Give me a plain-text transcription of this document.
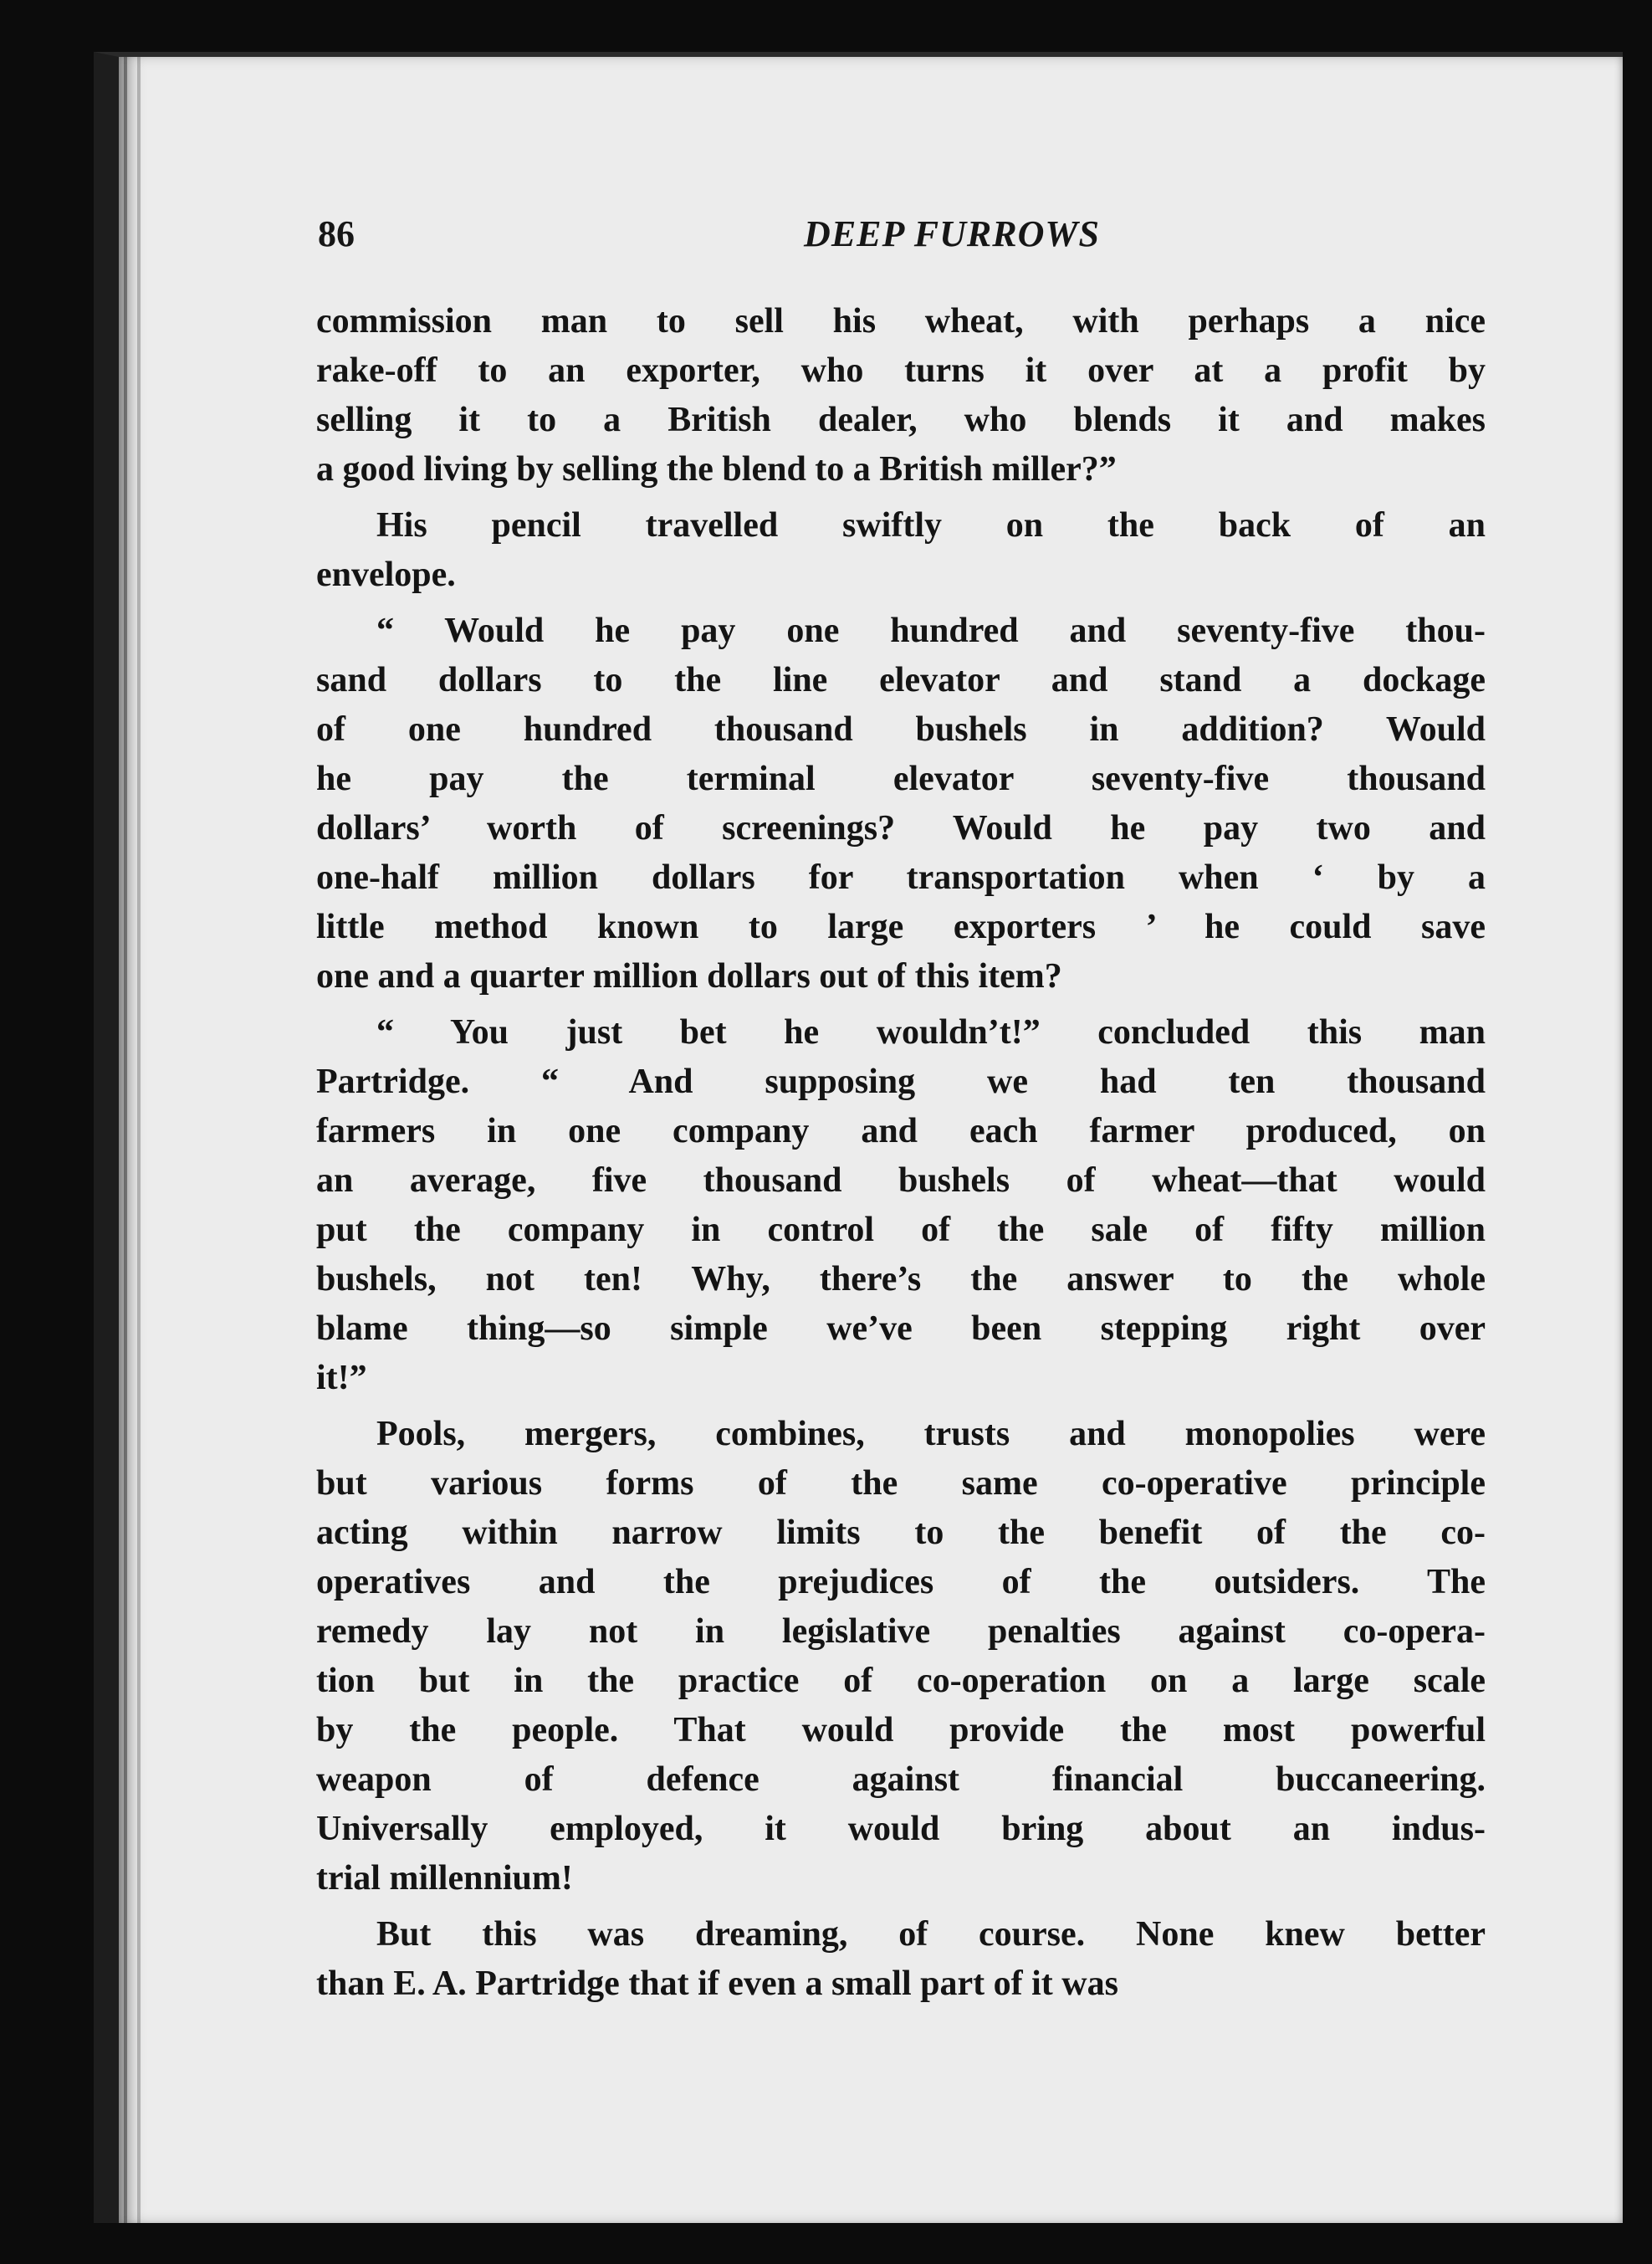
86	DEEP FURROWS
commission man to sell his wheat, with perhaps a nice
rake-off to an exporter, who turns it over at a profit by
selling it to a British dealer, who blends it and makes
a good living by selling the blend to a British miller?”
His pencil travelled swiftly on the back of an
envelope.
“ Would he pay one hundred and seventy-five thou-
sand dollars to the line elevator and stand a dockage
of one hundred thousand bushels in addition? Would
he pay the terminal elevator seventy-five thousand
dollars’ worth of screenings? Would he pay two and
one-half million dollars for transportation when ‘ by a
little method known to large exporters ’ he could save
one and a quarter million dollars out of this item?
“ You just bet he wouldn’t!” concluded this man
Partridge. “ And supposing we had ten thousand
farmers in one company and each farmer produced, on
an average, five thousand bushels of wheat—that would
put the company in control of the sale of fifty million
bushels, not ten! Why, there’s the answer to the whole
blame thing—so simple we’ve been stepping right over
it!”
Pools, mergers, combines, trusts and monopolies were
but various forms of the same co-operative principle
acting within narrow limits to the benefit of the co-
operatives and the prejudices of the outsiders. The
remedy lay not in legislative penalties against co-opera-
tion but in the practice of co-operation on a large scale
by the people. That would provide the most powerful
weapon of defence against financial buccaneering.
Universally employed, it would bring about an indus-
trial millennium!
But this was dreaming, of course. None knew better
than E. A. Partridge that if even a small part of it was
